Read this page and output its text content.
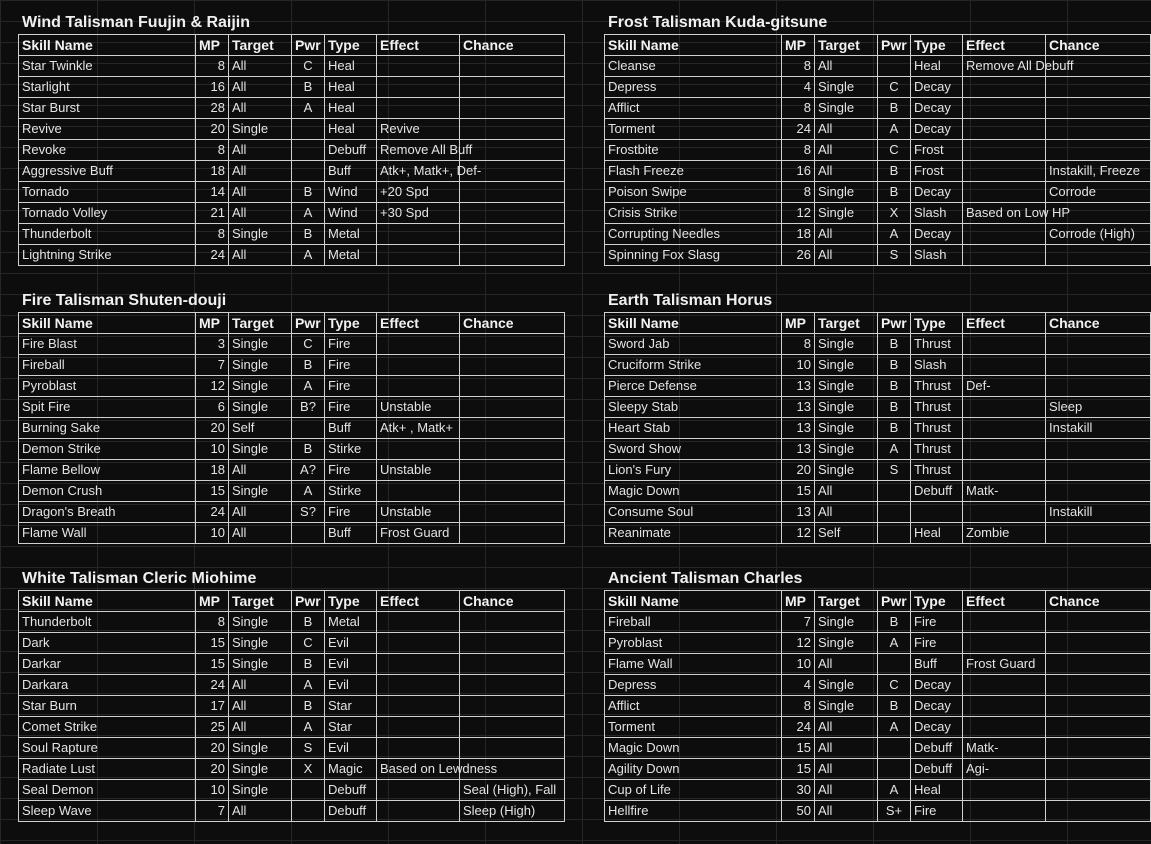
Wind Talisman Fuujin & Raijin
Skill Name	MP	Target	Pwr	Type	Effect	Chance
Star Twinkle	8	All	C	Heal		
Starlight	16	All	B	Heal		
Star Burst	28	All	A	Heal		
Revive	20	Single		Heal	Revive	
Revoke	8	All		Debuff	Remove All Buff	
Aggressive Buff	18	All		Buff	Atk+, Matk+, Def-	
Tornado	14	All	B	Wind	+20 Spd	
Tornado Volley	21	All	A	Wind	+30 Spd	
Thunderbolt	8	Single	B	Metal		
Lightning Strike	24	All	A	Metal		
Frost Talisman Kuda-gitsune
Skill Name	MP	Target	Pwr	Type	Effect	Chance
Cleanse	8	All		Heal	Remove All Debuff	
Depress	4	Single	C	Decay		
Afflict	8	Single	B	Decay		
Torment	24	All	A	Decay		
Frostbite	8	All	C	Frost		
Flash Freeze	16	All	B	Frost		Instakill, Freeze
Poison Swipe	8	Single	B	Decay		Corrode
Crisis Strike	12	Single	X	Slash	Based on Low HP	
Corrupting Needles	18	All	A	Decay		Corrode (High)
Spinning Fox Slasg	26	All	S	Slash		
Fire Talisman Shuten-douji
Skill Name	MP	Target	Pwr	Type	Effect	Chance
Fire Blast	3	Single	C	Fire		
Fireball	7	Single	B	Fire		
Pyroblast	12	Single	A	Fire		
Spit Fire	6	Single	B?	Fire	Unstable	
Burning Sake	20	Self		Buff	Atk+ , Matk+	
Demon Strike	10	Single	B	Stirke		
Flame Bellow	18	All	A?	Fire	Unstable	
Demon Crush	15	Single	A	Stirke		
Dragon's Breath	24	All	S?	Fire	Unstable	
Flame Wall	10	All		Buff	Frost Guard	
Earth Talisman Horus
Skill Name	MP	Target	Pwr	Type	Effect	Chance
Sword Jab	8	Single	B	Thrust		
Cruciform Strike	10	Single	B	Slash		
Pierce Defense	13	Single	B	Thrust	Def-	
Sleepy Stab	13	Single	B	Thrust		Sleep
Heart Stab	13	Single	B	Thrust		Instakill
Sword Show	13	Single	A	Thrust		
Lion's Fury	20	Single	S	Thrust		
Magic Down	15	All		Debuff	Matk-	
Consume Soul	13	All				Instakill
Reanimate	12	Self		Heal	Zombie	
White Talisman Cleric Miohime
Skill Name	MP	Target	Pwr	Type	Effect	Chance
Thunderbolt	8	Single	B	Metal		
Dark	15	Single	C	Evil		
Darkar	15	Single	B	Evil		
Darkara	24	All	A	Evil		
Star Burn	17	All	B	Star		
Comet Strike	25	All	A	Star		
Soul Rapture	20	Single	S	Evil		
Radiate Lust	20	Single	X	Magic	Based on Lewdness	
Seal Demon	10	Single		Debuff		Seal (High), Fall
Sleep Wave	7	All		Debuff		Sleep (High)
Ancient Talisman Charles
Skill Name	MP	Target	Pwr	Type	Effect	Chance
Fireball	7	Single	B	Fire		
Pyroblast	12	Single	A	Fire		
Flame Wall	10	All		Buff	Frost Guard	
Depress	4	Single	C	Decay		
Afflict	8	Single	B	Decay		
Torment	24	All	A	Decay		
Magic Down	15	All		Debuff	Matk-	
Agility Down	15	All		Debuff	Agi-	
Cup of Life	30	All	A	Heal		
Hellfire	50	All	S+	Fire		
